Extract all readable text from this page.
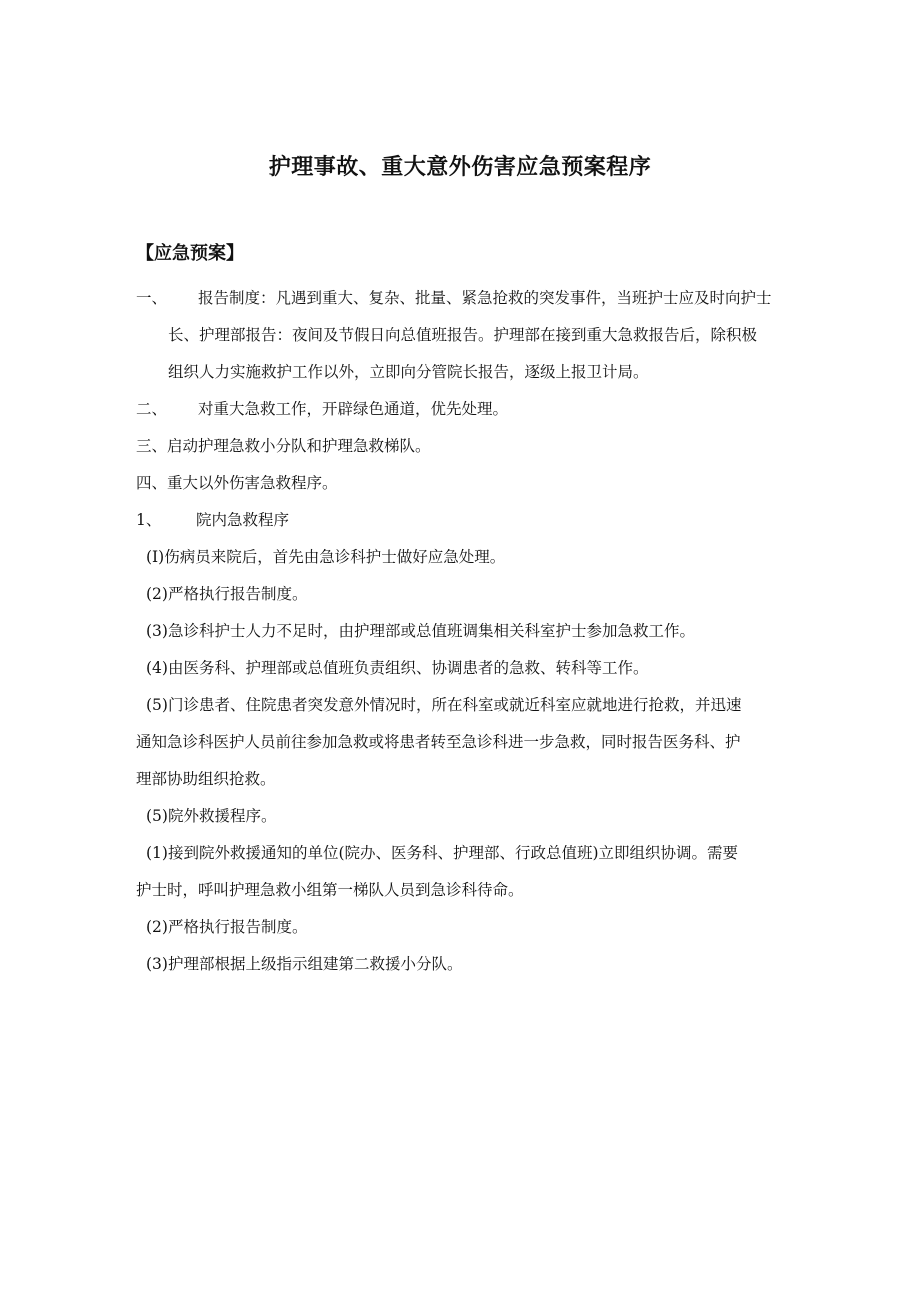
护理事故、重大意外伤害应急预案程序
【应急预案】
一、 报告制度：凡遇到重大、复杂、批量、紧急抢救的突发事件，当班护士应及时向护士
长、护理部报告：夜间及节假日向总值班报告。护理部在接到重大急救报告后，除积极
组织人力实施救护工作以外，立即向分管院长报告，逐级上报卫计局。
二、 对重大急救工作，开辟绿色通道，优先处理。
三、启动护理急救小分队和护理急救梯队。
四、重大以外伤害急救程序。
1、 院内急救程序
(I)伤病员来院后，首先由急诊科护士做好应急处理。
(2)严格执行报告制度。
(3)急诊科护士人力不足时，由护理部或总值班调集相关科室护士参加急救工作。
(4)由医务科、护理部或总值班负责组织、协调患者的急救、转科等工作。
(5)门诊患者、住院患者突发意外情况时，所在科室或就近科室应就地进行抢救，并迅速
通知急诊科医护人员前往参加急救或将患者转至急诊科进一步急救，同时报告医务科、护
理部协助组织抢救。
(5)院外救援程序。
(1)接到院外救援通知的单位(院办、医务科、护理部、行政总值班)立即组织协调。需要
护士时，呼叫护理急救小组第一梯队人员到急诊科待命。
(2)严格执行报告制度。
(3)护理部根据上级指示组建第二救援小分队。
